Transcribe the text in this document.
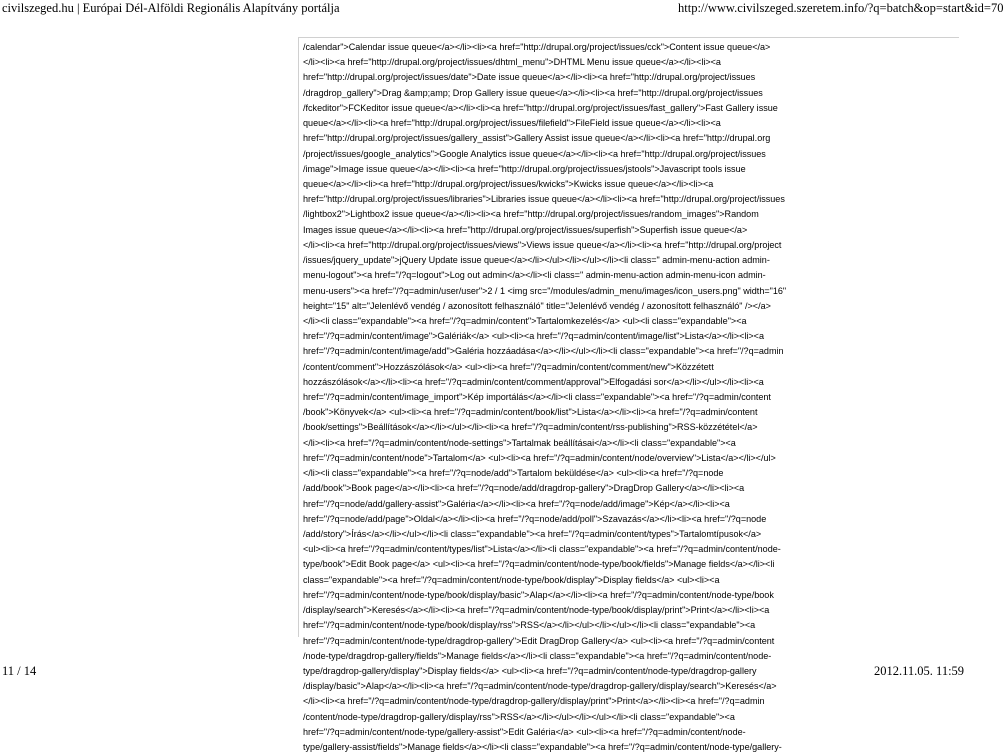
civilszeged.hu | Európai Dél-Alföldi Regionális Alapítvány portálja	http://www.civilszeged.szeretem.info/?q=batch&op=start&id=70
/calendar">Calendar issue queue</a></li><li><a href="http://drupal.org/project/issues/cck">Content issue queue</a>
</li><li><a href="http://drupal.org/project/issues/dhtml_menu">DHTML Menu issue queue</a></li><li><a
href="http://drupal.org/project/issues/date">Date issue queue</a></li><li><a href="http://drupal.org/project/issues
/dragdrop_gallery">Drag &amp;amp; Drop Gallery issue queue</a></li><li><a href="http://drupal.org/project/issues
/fckeditor">FCKeditor issue queue</a></li><li><a href="http://drupal.org/project/issues/fast_gallery">Fast Gallery issue
queue</a></li><li><a href="http://drupal.org/project/issues/filefield">FileField issue queue</a></li><li><a
href="http://drupal.org/project/issues/gallery_assist">Gallery Assist issue queue</a></li><li><a href="http://drupal.org
/project/issues/google_analytics">Google Analytics issue queue</a></li><li><a href="http://drupal.org/project/issues
/image">Image issue queue</a></li><li><a href="http://drupal.org/project/issues/jstools">Javascript tools issue
queue</a></li><li><a href="http://drupal.org/project/issues/kwicks">Kwicks issue queue</a></li><li><a
href="http://drupal.org/project/issues/libraries">Libraries issue queue</a></li><li><a href="http://drupal.org/project/issues
/lightbox2">Lightbox2 issue queue</a></li><li><a href="http://drupal.org/project/issues/random_images">Random
Images issue queue</a></li><li><a href="http://drupal.org/project/issues/superfish">Superfish issue queue</a>
</li><li><a href="http://drupal.org/project/issues/views">Views issue queue</a></li><li><a href="http://drupal.org/project
/issues/jquery_update">jQuery Update issue queue</a></li></ul></li></ul></li><li class=" admin-menu-action admin-
menu-logout"><a href="/?q=logout">Log out admin</a></li><li class=" admin-menu-action admin-menu-icon admin-
menu-users"><a href="/?q=admin/user/user">2 / 1 <img src="/modules/admin_menu/images/icon_users.png" width="16"
height="15" alt="Jelenlévő vendég / azonosított felhasználó" title="Jelenlévő vendég / azonosított felhasználó" /></a>
</li><li class="expandable"><a href="/?q=admin/content">Tartalomkezelés</a> <ul><li class="expandable"><a
href="/?q=admin/content/image">Galériák</a> <ul><li><a href="/?q=admin/content/image/list">Lista</a></li><li><a
href="/?q=admin/content/image/add">Galéria hozzáadása</a></li></ul></li><li class="expandable"><a href="/?q=admin
/content/comment">Hozzászólások</a> <ul><li><a href="/?q=admin/content/comment/new">Közzétett
hozzászólások</a></li><li><a href="/?q=admin/content/comment/approval">Elfogadási sor</a></li></ul></li><li><a
href="/?q=admin/content/image_import">Kép importálás</a></li><li class="expandable"><a href="/?q=admin/content
/book">Könyvek</a> <ul><li><a href="/?q=admin/content/book/list">Lista</a></li><li><a href="/?q=admin/content
/book/settings">Beállítások</a></li></ul></li><li><a href="/?q=admin/content/rss-publishing">RSS-közzététel</a>
</li><li><a href="/?q=admin/content/node-settings">Tartalmak beállításai</a></li><li class="expandable"><a
href="/?q=admin/content/node">Tartalom</a> <ul><li><a href="/?q=admin/content/node/overview">Lista</a></li></ul>
</li><li class="expandable"><a href="/?q=node/add">Tartalom beküldése</a> <ul><li><a href="/?q=node
/add/book">Book page</a></li><li><a href="/?q=node/add/dragdrop-gallery">DragDrop Gallery</a></li><li><a
href="/?q=node/add/gallery-assist">Galéria</a></li><li><a href="/?q=node/add/image">Kép</a></li><li><a
href="/?q=node/add/page">Oldal</a></li><li><a href="/?q=node/add/poll">Szavazás</a></li><li><a href="/?q=node
/add/story">Írás</a></li></ul></li><li class="expandable"><a href="/?q=admin/content/types">Tartalomtípusok</a>
<ul><li><a href="/?q=admin/content/types/list">Lista</a></li><li class="expandable"><a href="/?q=admin/content/node-
type/book">Edit Book page</a> <ul><li><a href="/?q=admin/content/node-type/book/fields">Manage fields</a></li><li
class="expandable"><a href="/?q=admin/content/node-type/book/display">Display fields</a> <ul><li><a
href="/?q=admin/content/node-type/book/display/basic">Alap</a></li><li><a href="/?q=admin/content/node-type/book
/display/search">Keresés</a></li><li><a href="/?q=admin/content/node-type/book/display/print">Print</a></li><li><a
href="/?q=admin/content/node-type/book/display/rss">RSS</a></li></ul></li></ul></li><li class="expandable"><a
href="/?q=admin/content/node-type/dragdrop-gallery">Edit DragDrop Gallery</a> <ul><li><a href="/?q=admin/content
/node-type/dragdrop-gallery/fields">Manage fields</a></li><li class="expandable"><a href="/?q=admin/content/node-
type/dragdrop-gallery/display">Display fields</a> <ul><li><a href="/?q=admin/content/node-type/dragdrop-gallery
/display/basic">Alap</a></li><li><a href="/?q=admin/content/node-type/dragdrop-gallery/display/search">Keresés</a>
</li><li><a href="/?q=admin/content/node-type/dragdrop-gallery/display/print">Print</a></li><li><a href="/?q=admin
/content/node-type/dragdrop-gallery/display/rss">RSS</a></li></ul></li></ul></li><li class="expandable"><a
href="/?q=admin/content/node-type/gallery-assist">Edit Galéria</a> <ul><li><a href="/?q=admin/content/node-
type/gallery-assist/fields">Manage fields</a></li><li class="expandable"><a href="/?q=admin/content/node-type/gallery-
11 / 14	2012.11.05. 11:59
